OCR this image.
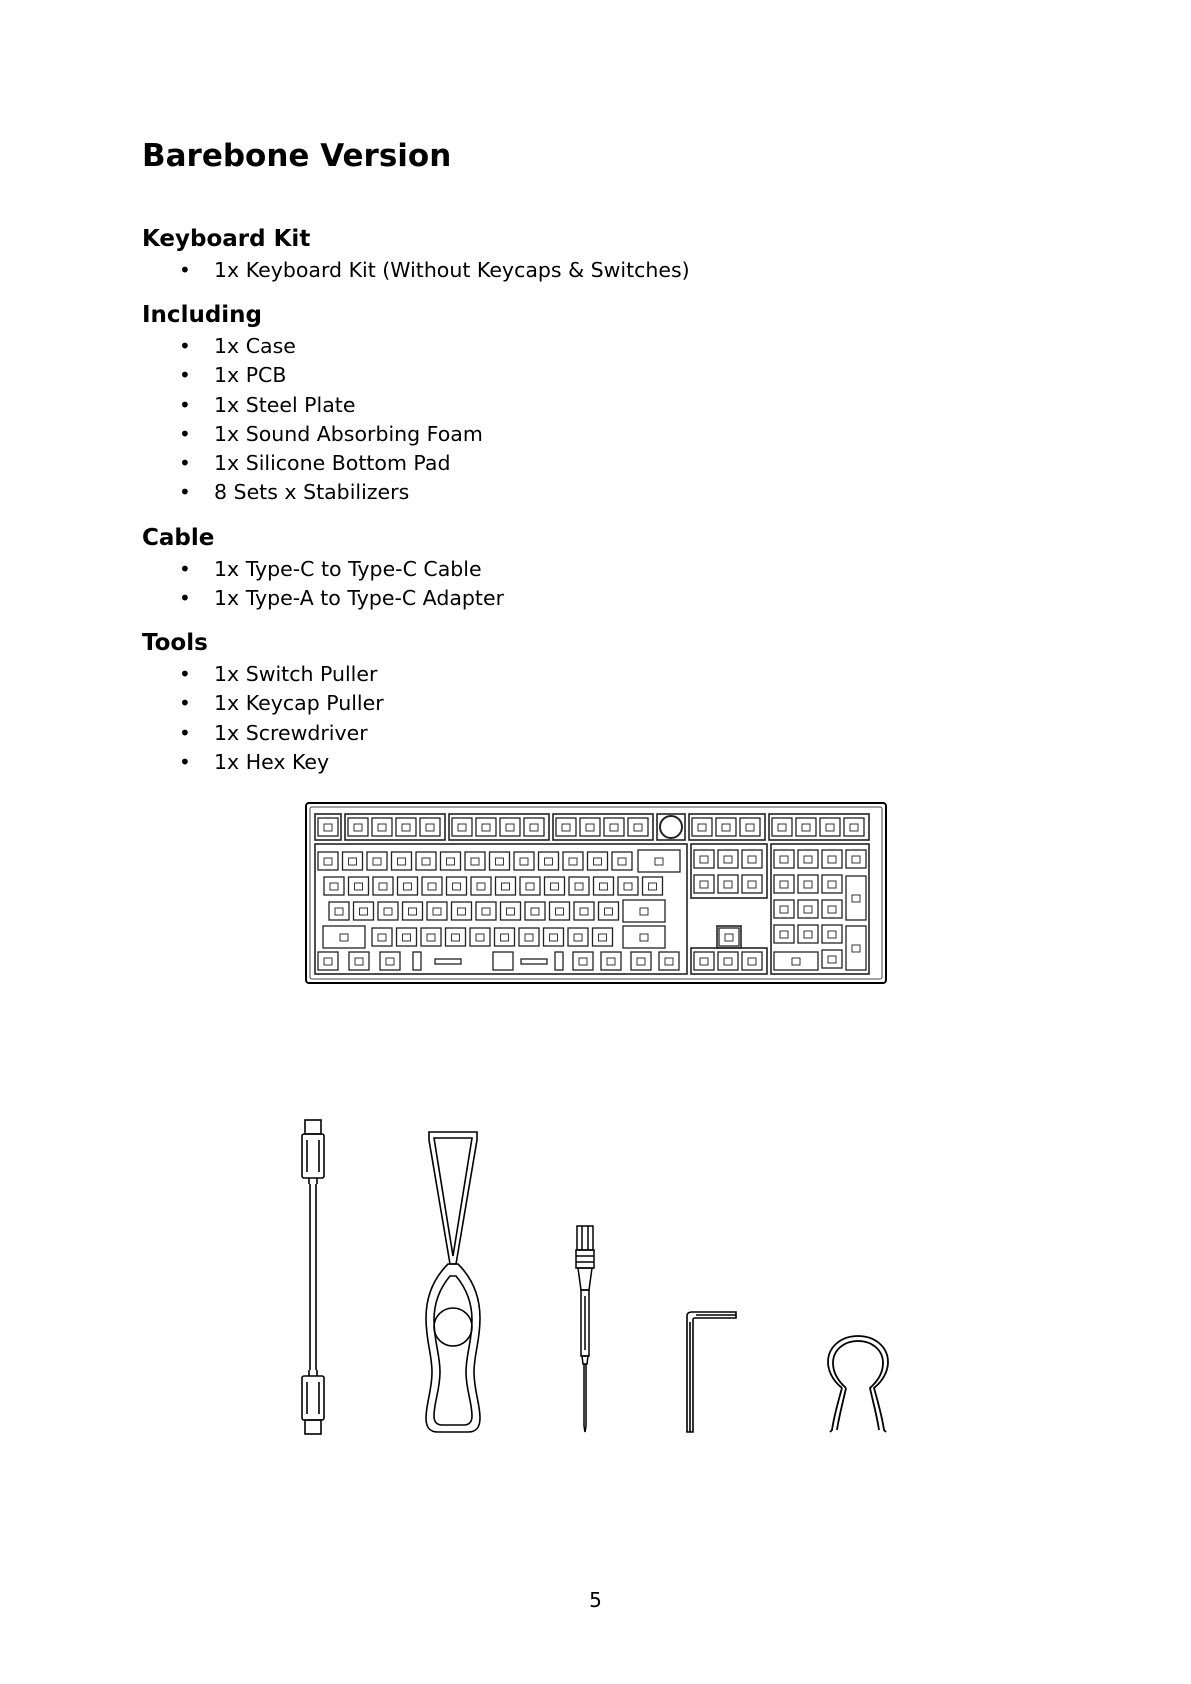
Barebone Version
Keyboard Kit
• 1x Keyboard Kit (Without Keycaps & Switches)
Including
• 1x Case
• 1x PCB
• 1x Steel Plate
• 1x Sound Absorbing Foam
• 1x Silicone Bottom Pad
• 8 Sets x Stabilizers
Cable
• 1x Type-C to Type-C Cable
• 1x Type-A to Type-C Adapter
Tools
• 1x Switch Puller
• 1x Keycap Puller
• 1x Screwdriver
• 1x Hex Key
5
